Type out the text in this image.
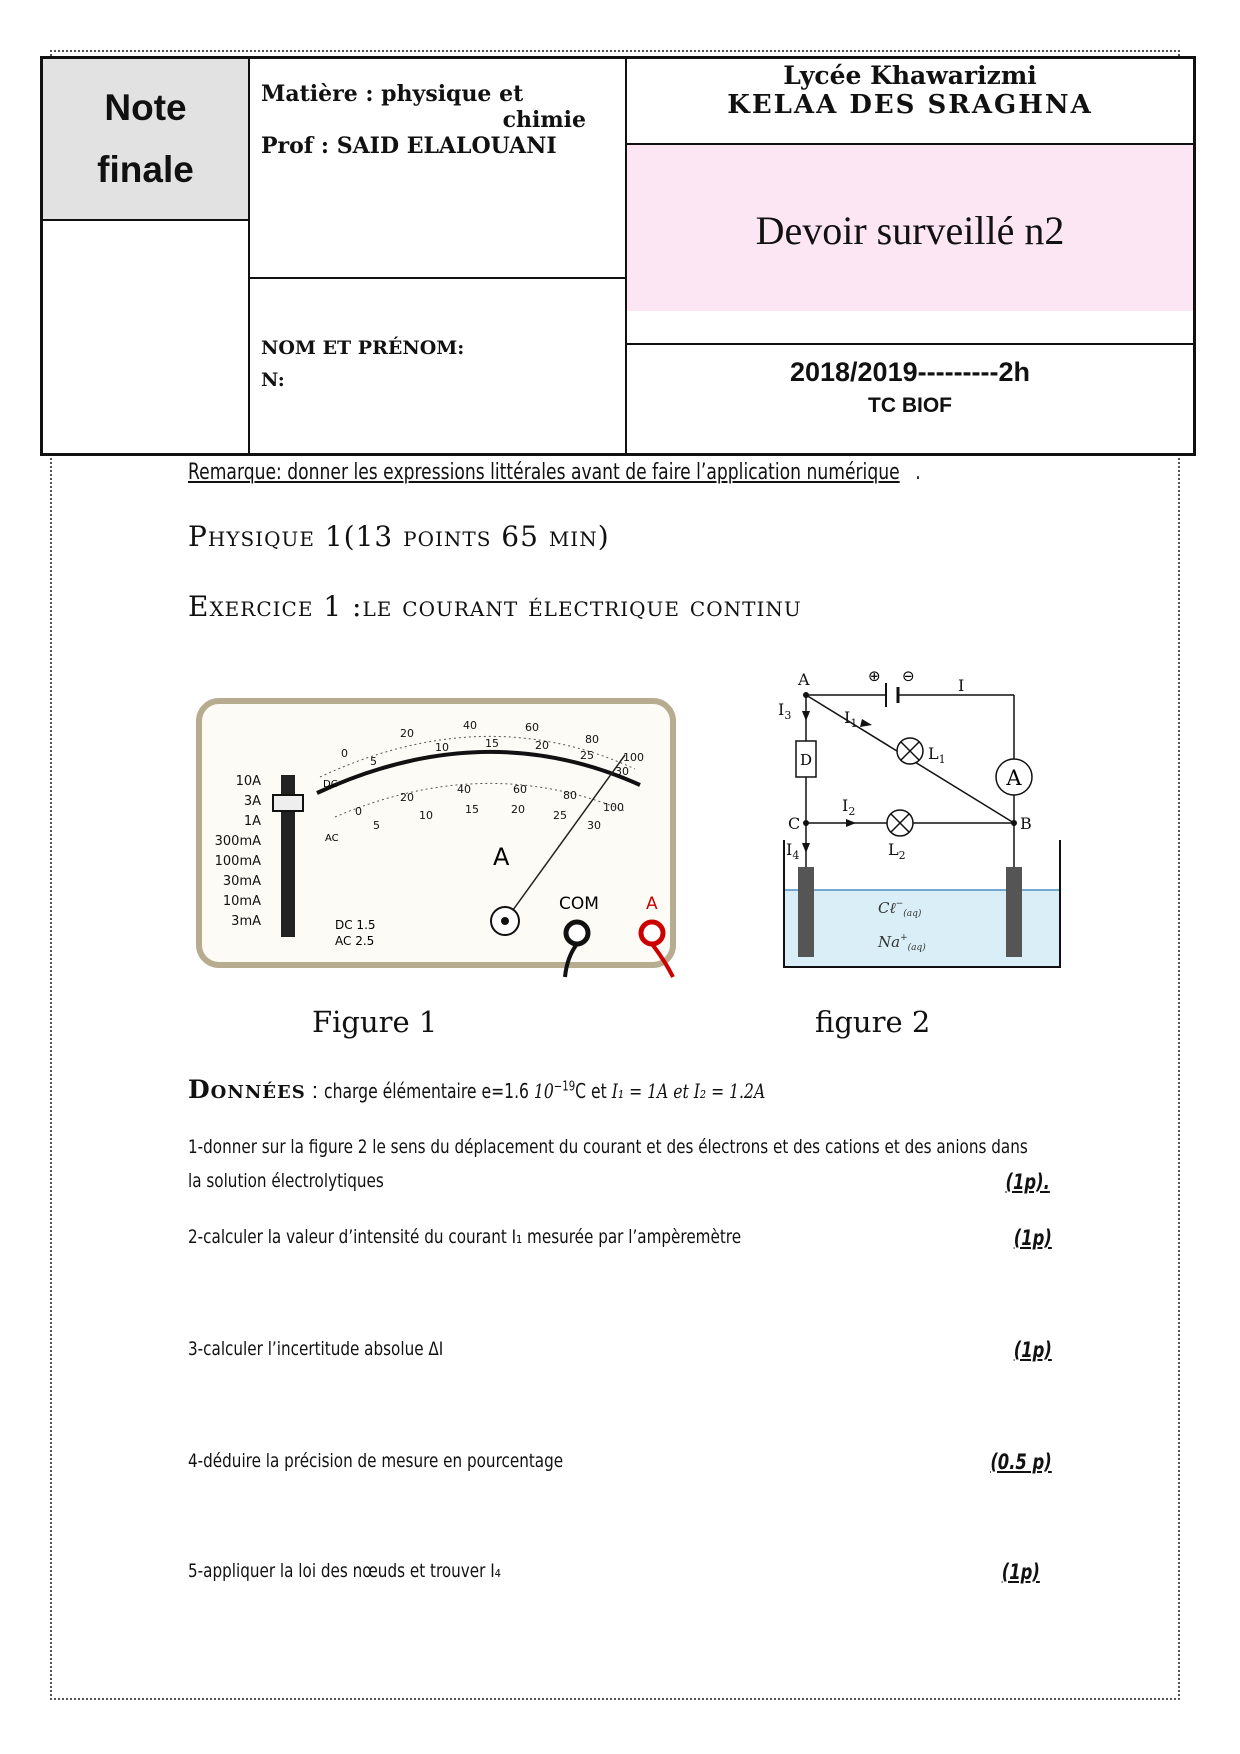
Note
finale
Matière : physique et
chimie
Prof : SAID ELALOUANI
NOM ET PRÉNOM:
N:
Lycée Khawarizmi
KELAA DES SRAGHNA
Devoir surveillé n2
2018/2019---------2h
TC BIOF
Remarque: donner les expressions littérales avant de faire l’application numérique .
Physique 1(13 points 65 min)
Exercice 1 :le courant électrique continu
10A
3A
1A
300mA
100mA
30mA
10mA
3mA
DC
AC
0
20
40	60
80
100
5
10	15	20
25
30
0
20
40	60	80
100
5
10	15	20	25
30
A
DC 1.5
AC 2.5
COM	A
Figure 1
⊕ ⊖
A
D
A
C	B
$I_3$
$I_4$
$I_1$
$I_2$
I
$L_1$
$L_2$
Cℓ−$_{(aq)}$
$Na^+_{(aq)}$
figure 2
Données : charge élémentaire e=1.6 $10^{-19}C$ et I₁ = 1A et I₂ = 1.2A
1-donner sur la figure 2 le sens du déplacement du courant et des électrons et des cations et des anions dans
la solution électrolytiques	(1p).
2-calculer la valeur d’intensité du courant I₁ mesurée par l’ampèremètre	(1p)
3-calculer l’incertitude absolue ΔI	(1p)
4-déduire la précision de mesure en pourcentage	(0.5 p)
5-appliquer la loi des nœuds et trouver I₄	(1p)
